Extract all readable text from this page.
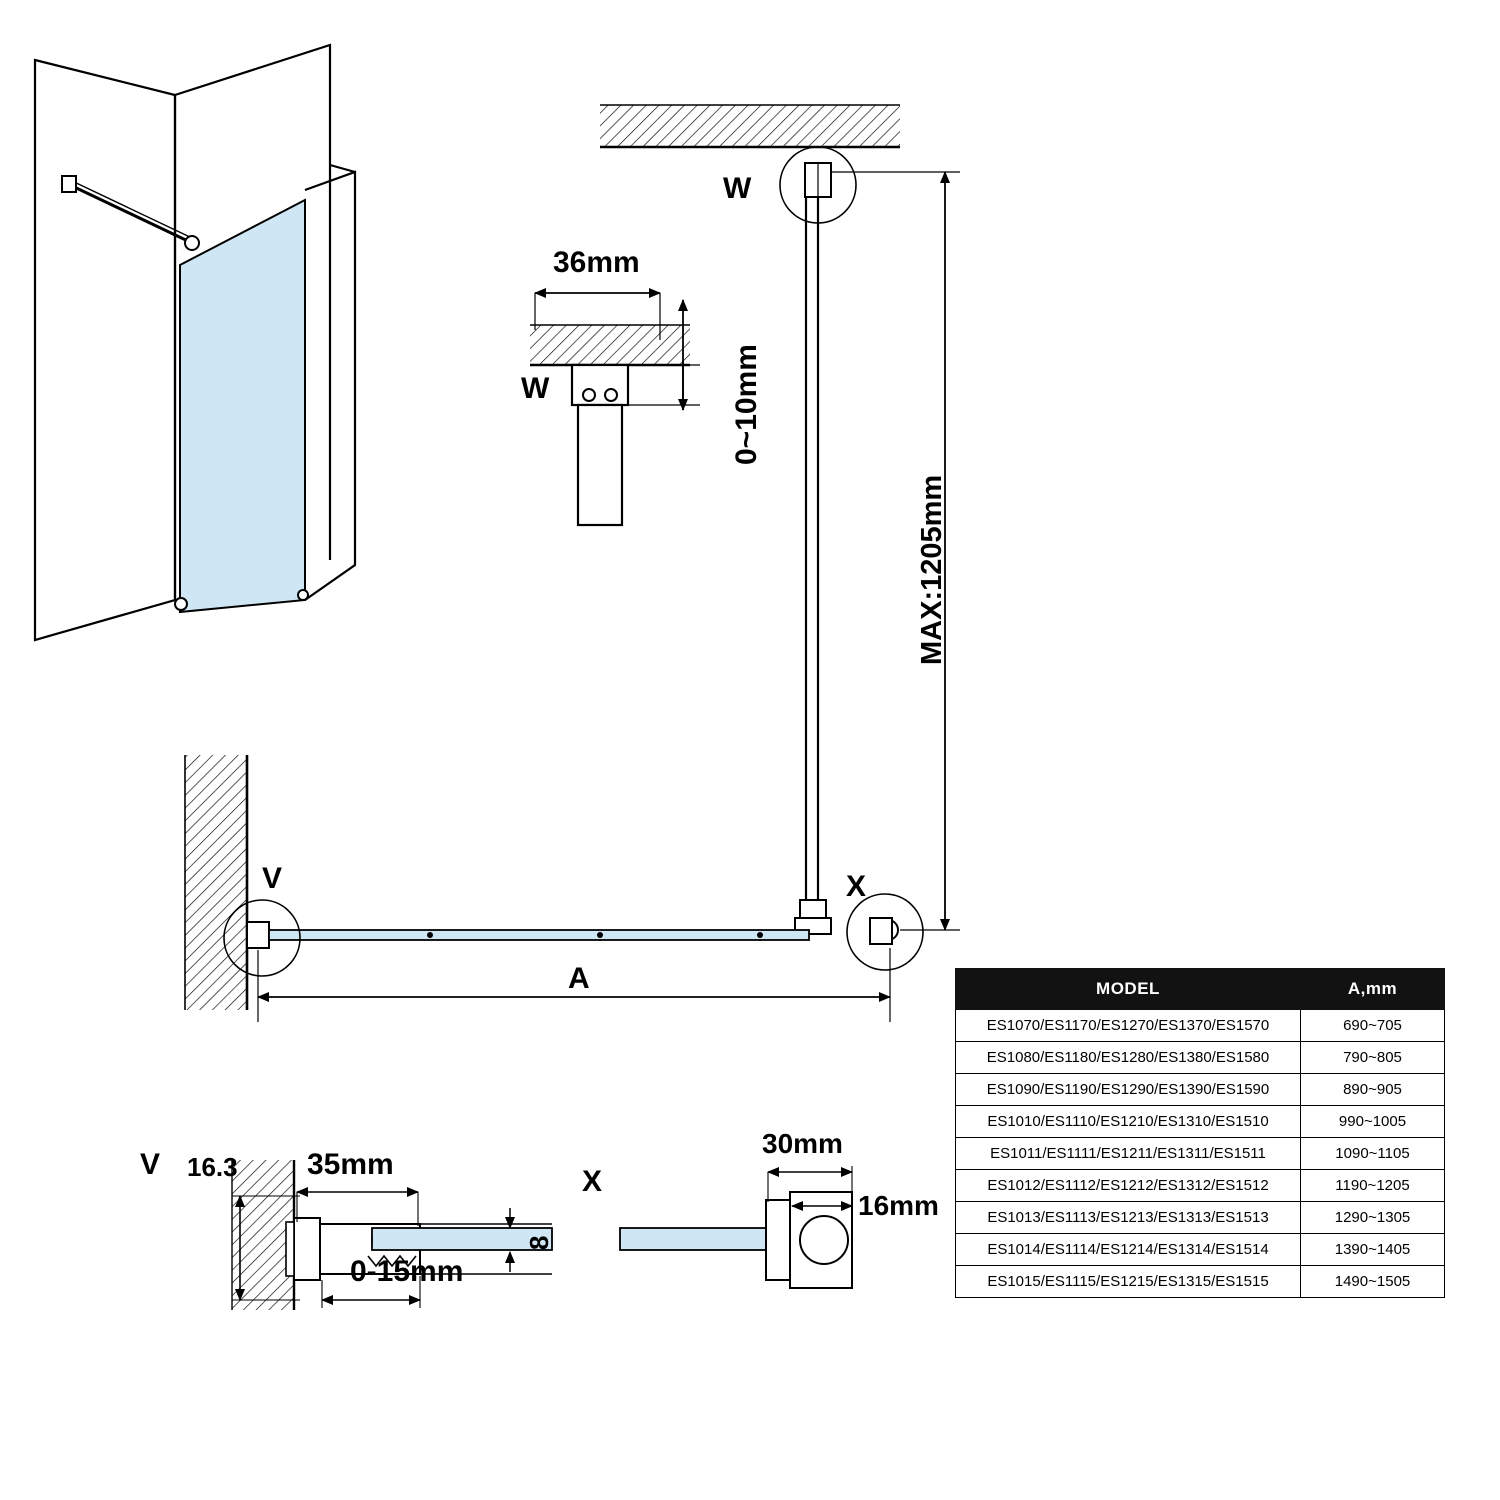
36mm
0~10mm
W
W
MAX:1205mm
V	X
A
V 16.3 35mm
8
0-15mm
X
30mm
16mm
MODEL	A,mm
ES1070/ES1170/ES1270/ES1370/ES1570	690~705
ES1080/ES1180/ES1280/ES1380/ES1580	790~805
ES1090/ES1190/ES1290/ES1390/ES1590	890~905
ES1010/ES1110/ES1210/ES1310/ES1510	990~1005
ES1011/ES1111/ES1211/ES1311/ES1511	1090~1105
ES1012/ES1112/ES1212/ES1312/ES1512	1190~1205
ES1013/ES1113/ES1213/ES1313/ES1513	1290~1305
ES1014/ES1114/ES1214/ES1314/ES1514	1390~1405
ES1015/ES1115/ES1215/ES1315/ES1515	1490~1505
